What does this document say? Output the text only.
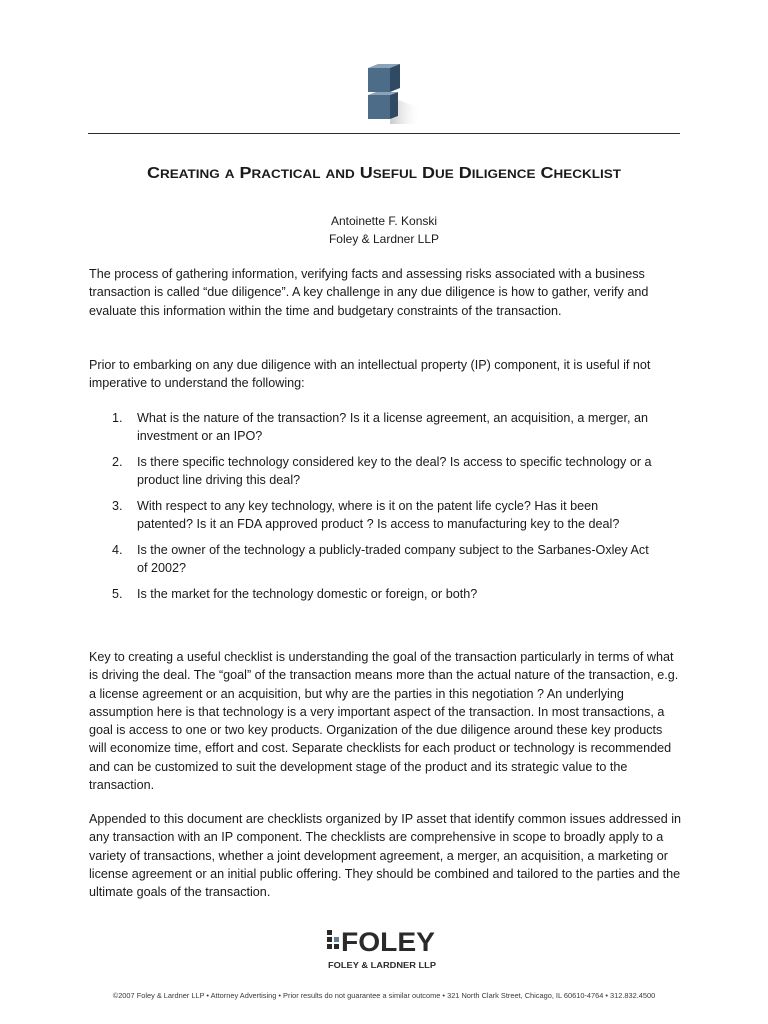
CREATING A P RACTICAL AND U SEFUL D UE D ILIGENCE C HECKLIST
Antoinette F. Konski
Foley & Lardner LLP

The process of gathering information, verifying facts and assessing risks associated with a business transaction is called “due diligence”. A key challenge in any due diligence is how to gather, verify and evaluate this information within the time and budgetary constraints of the transaction.

Prior to embarking on any due diligence with an intellectual property (IP) component, it is useful if not imperative to understand the following:

1. What is the nature of the transaction? Is it a license agreement, an acquisition, a merger, an investment or an IPO?
2. Is there specific technology considered key to the deal? Is access to specific technology or a product line driving this deal?
3. With respect to any key technology, where is it on the patent life cycle? Has it been patented? Is it an FDA approved product ? Is access to manufacturing key to the deal?
4. Is the owner of the technology a publicly-traded company subject to the Sarbanes-Oxley Act of 2002?
5. Is the market for the technology domestic or foreign, or both?

Key to creating a useful checklist is understanding the goal of the transaction particularly in terms of what is driving the deal. The “goal” of the transaction means more than the actual nature of the transaction, e.g. a license agreement or an acquisition, but why are the parties in this negotiation ? An underlying assumption here is that technology is a very important aspect of the transaction. In most transactions, a goal is access to one or two key products. Organization of the due diligence around these key products will economize time, effort and cost. Separate checklists for each product or technology is recommended and can be customized to suit the development stage of the product and its strategic value to the transaction.

Appended to this document are checklists organized by IP asset that identify common issues addressed in any transaction with an IP component. The checklists are comprehensive in scope to broadly apply to a variety of transactions, whether a joint development agreement, a merger, an acquisition, a marketing or license agreement or an initial public offering. They should be combined and tailored to the parties and the ultimate goals of the transaction.

FOLEY
FOLEY & LARDNER LLP
©2007 Foley & Lardner LLP • Attorney Advertising • Prior results do not guarantee a similar outcome • 321 North Clark Street, Chicago, IL 60610-4764 • 312.832.4500
